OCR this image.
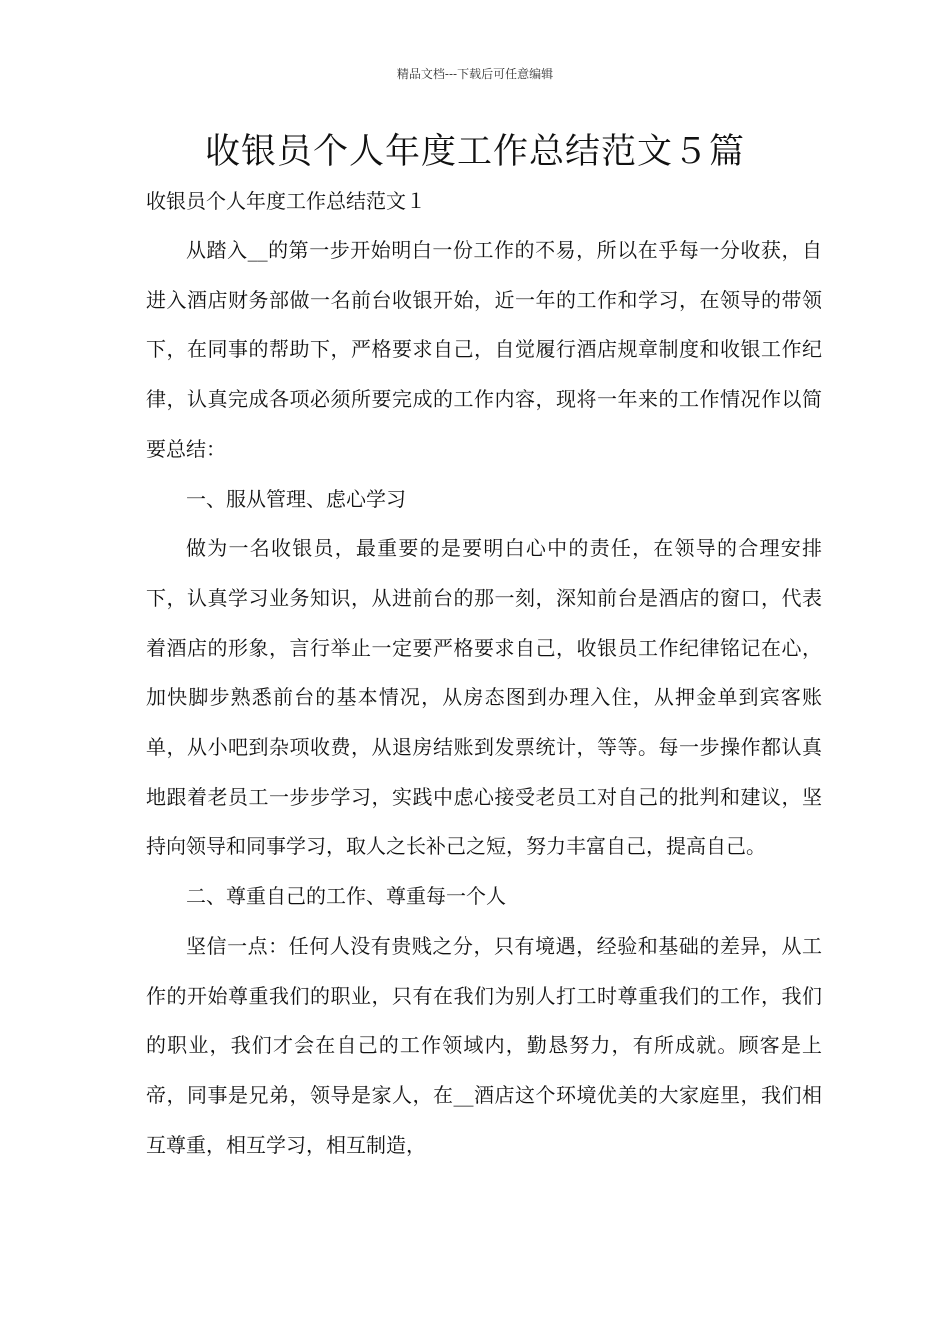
精品文档---下载后可任意编辑
收银员个人年度工作总结范文５篇

收银员个人年度工作总结范文１

从踏入__的第一步开始明白一份工作的不易，所以在乎每一分收获，自进入酒店财务部做一名前台收银开始，近一年的工作和学习，在领导的带领下，在同事的帮助下，严格要求自己，自觉履行酒店规章制度和收银工作纪律，认真完成各项必须所要完成的工作内容，现将一年来的工作情况作以简要总结：

一、服从管理、虑心学习

做为一名收银员，最重要的是要明白心中的责任，在领导的合理安排下，认真学习业务知识，从进前台的那一刻，深知前台是酒店的窗口，代表着酒店的形象，言行举止一定要严格要求自己，收银员工作纪律铭记在心，加快脚步熟悉前台的基本情况，从房态图到办理入住，从押金单到宾客账单，从小吧到杂项收费，从退房结账到发票统计，等等。每一步操作都认真地跟着老员工一步步学习，实践中虑心接受老员工对自己的批判和建议，坚持向领导和同事学习，取人之长补己之短，努力丰富自己，提高自己。

二、尊重自己的工作、尊重每一个人

坚信一点：任何人没有贵贱之分，只有境遇，经验和基础的差异，从工作的开始尊重我们的职业，只有在我们为别人打工时尊重我们的工作，我们的职业，我们才会在自己的工作领域内，勤恳努力，有所成就。顾客是上帝，同事是兄弟，领导是家人，在__酒店这个环境优美的大家庭里，我们相互尊重，相互学习，相互制造，
